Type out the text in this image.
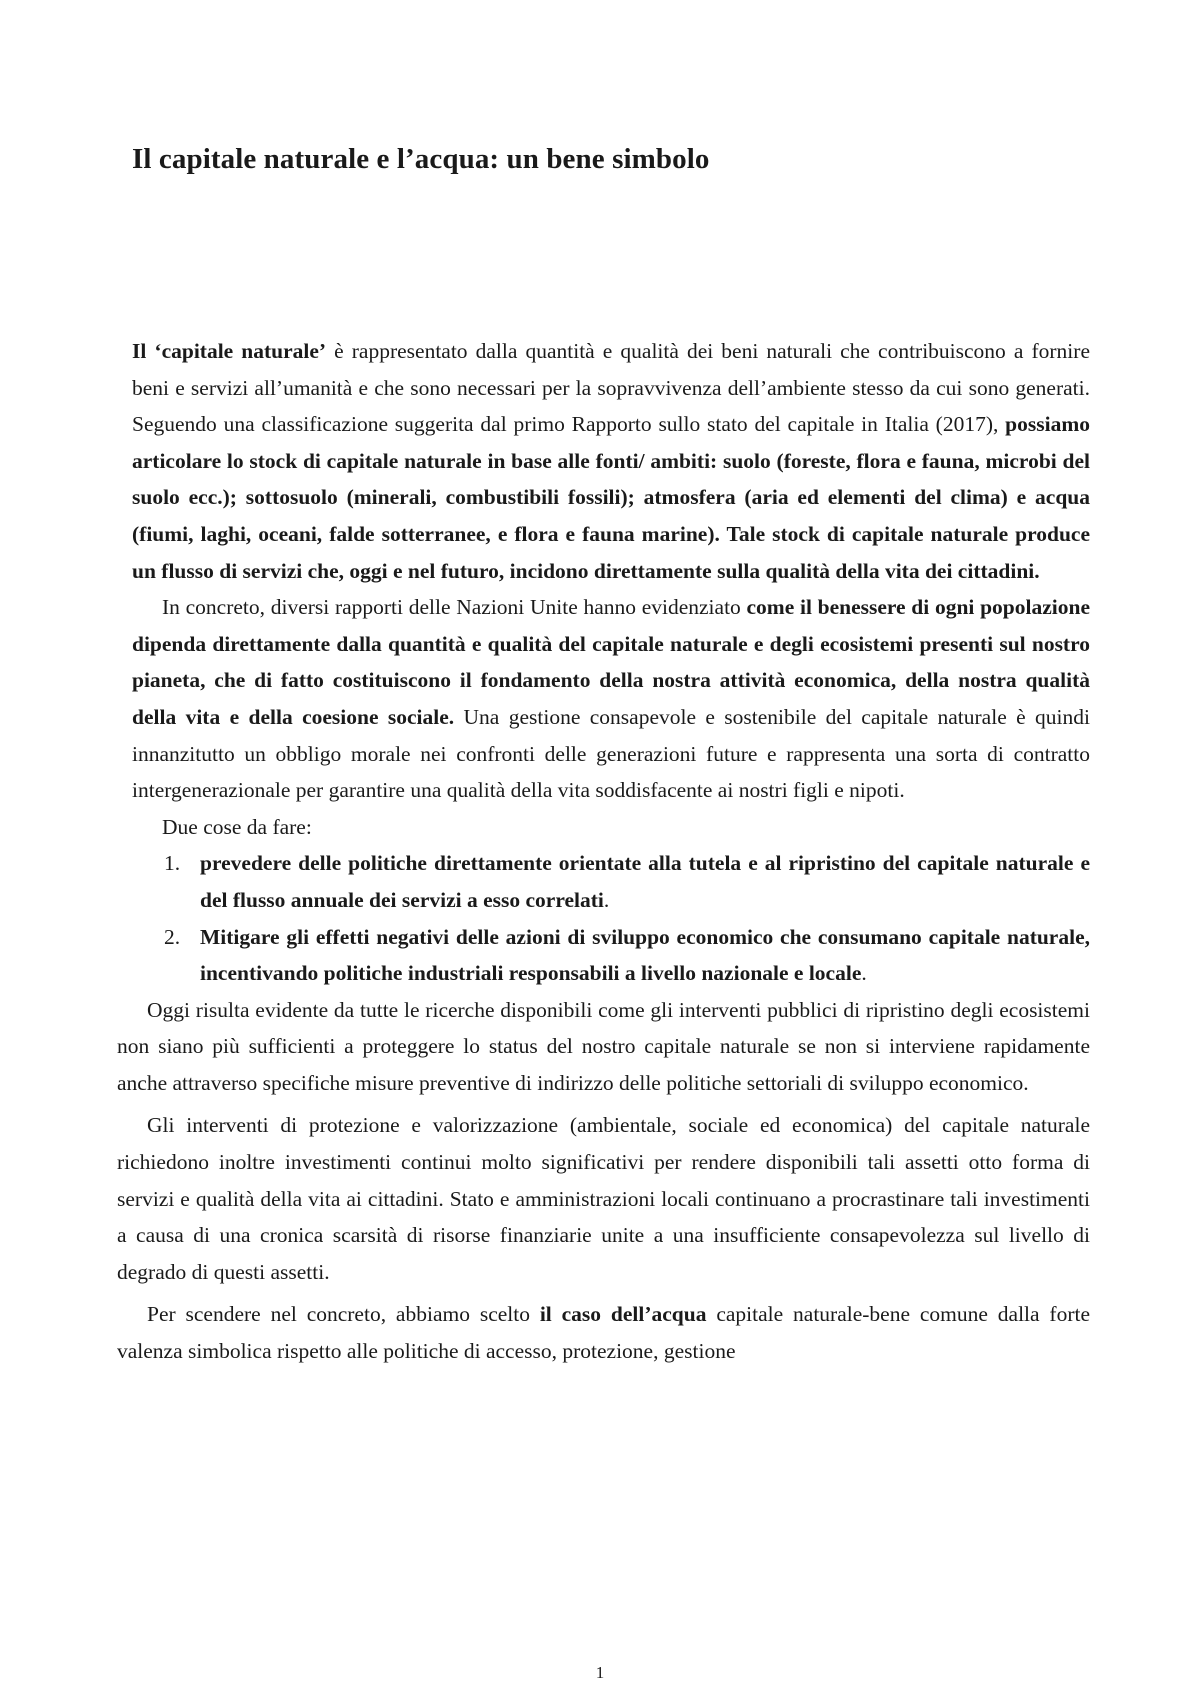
Il capitale naturale e l’acqua: un bene simbolo

Il ‘capitale naturale’ è rappresentato dalla quantità e qualità dei beni naturali che contribuiscono a fornire beni e servizi all’umanità e che sono necessari per la sopravvivenza dell’ambiente stesso da cui sono generati. Seguendo una classificazione suggerita dal primo Rapporto sullo stato del capitale in Italia (2017), possiamo articolare lo stock di capitale naturale in base alle fonti/ ambiti: suolo (foreste, flora e fauna, microbi del suolo ecc.); sottosuolo (minerali, combustibili fossili); atmosfera (aria ed elementi del clima) e acqua (fiumi, laghi, oceani, falde sotterranee, e flora e fauna marine). Tale stock di capitale naturale produce un flusso di servizi che, oggi e nel futuro, incidono direttamente sulla qualità della vita dei cittadini.

In concreto, diversi rapporti delle Nazioni Unite hanno evidenziato come il benessere di ogni popolazione dipenda direttamente dalla quantità e qualità del capitale naturale e degli ecosistemi presenti sul nostro pianeta, che di fatto costituiscono il fondamento della nostra attività economica, della nostra qualità della vita e della coesione sociale. Una gestione consapevole e sostenibile del capitale naturale è quindi innanzitutto un obbligo morale nei confronti delle generazioni future e rappresenta una sorta di contratto intergenerazionale per garantire una qualità della vita soddisfacente ai nostri figli e nipoti.

Due cose da fare:

1. prevedere delle politiche direttamente orientate alla tutela e al ripristino del capitale naturale e del flusso annuale dei servizi a esso correlati.
2. Mitigare gli effetti negativi delle azioni di sviluppo economico che consumano capitale naturale, incentivando politiche industriali responsabili a livello nazionale e locale.

Oggi risulta evidente da tutte le ricerche disponibili come gli interventi pubblici di ripristino degli ecosistemi non siano più sufficienti a proteggere lo status del nostro capitale naturale se non si interviene rapidamente anche attraverso specifiche misure preventive di indirizzo delle politiche settoriali di sviluppo economico.

Gli interventi di protezione e valorizzazione (ambientale, sociale ed economica) del capitale naturale richiedono inoltre investimenti continui molto significativi per rendere disponibili tali assetti otto forma di servizi e qualità della vita ai cittadini. Stato e amministrazioni locali continuano a procrastinare tali investimenti a causa di una cronica scarsità di risorse finanziarie unite a una insufficiente consapevolezza sul livello di degrado di questi assetti.

Per scendere nel concreto, abbiamo scelto il caso dell’acqua capitale naturale-bene comune dalla forte valenza simbolica rispetto alle politiche di accesso, protezione, gestione

1
